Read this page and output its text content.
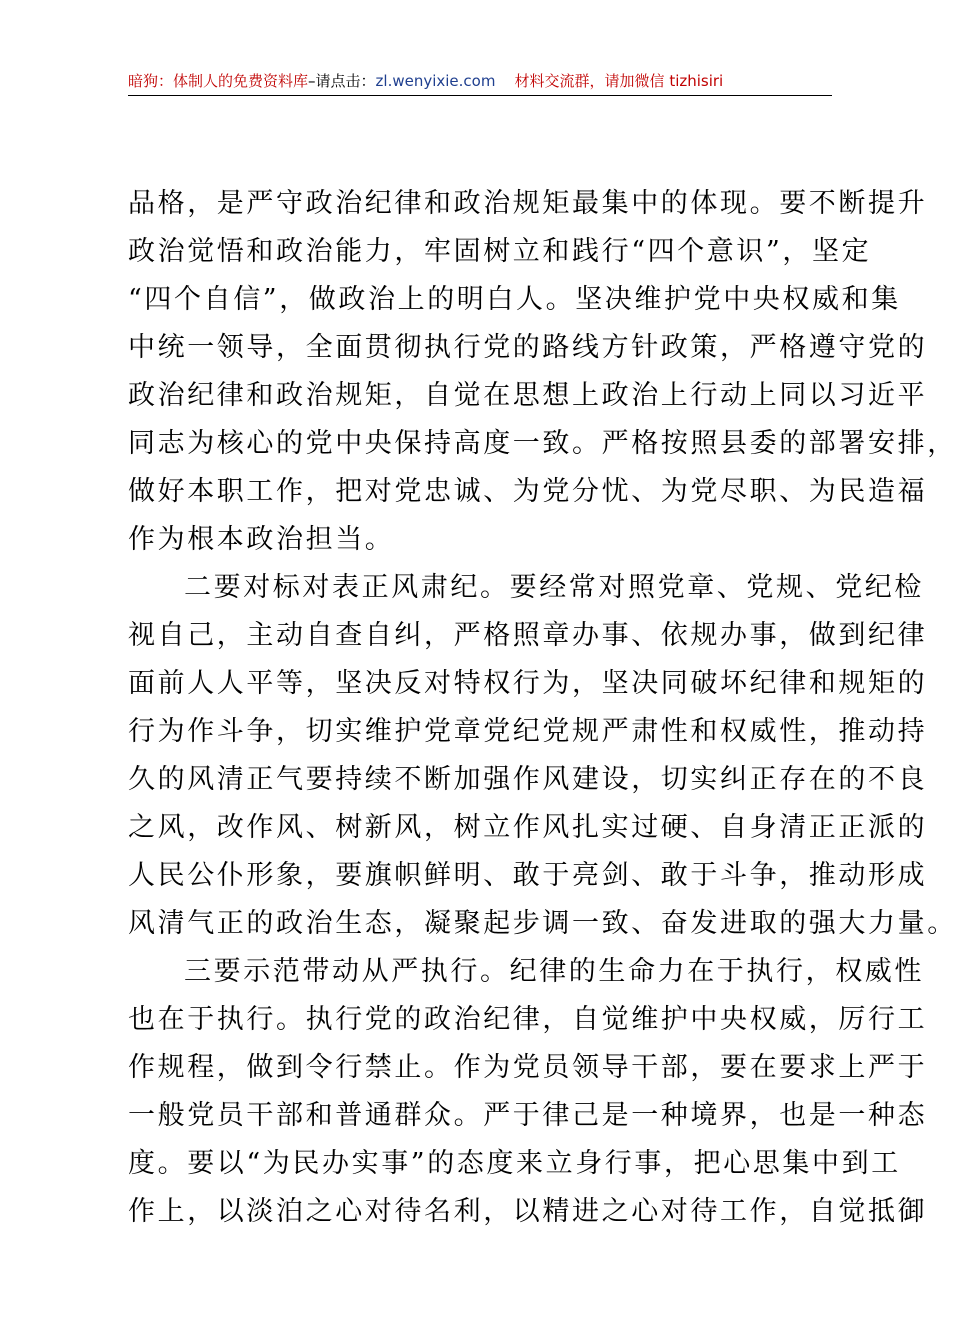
暗狗：体制人的免费资料库–请点击：zl.wenyixie.com 材料交流群，请加微信 tizhisiri
品格，是严守政治纪律和政治规矩最集中的体现。要不断提升
政治觉悟和政治能力，牢固树立和践行“四个意识”，坚定
“四个自信”，做政治上的明白人。坚决维护党中央权威和集
中统一领导，全面贯彻执行党的路线方针政策，严格遵守党的
政治纪律和政治规矩，自觉在思想上政治上行动上同以习近平
同志为核心的党中央保持高度一致。严格按照县委的部署安排，
做好本职工作，把对党忠诚、为党分忧、为党尽职、为民造福
作为根本政治担当。
二要对标对表正风肃纪。要经常对照党章、党规、党纪检
视自己，主动自查自纠，严格照章办事、依规办事，做到纪律
面前人人平等，坚决反对特权行为，坚决同破坏纪律和规矩的
行为作斗争，切实维护党章党纪党规严肃性和权威性，推动持
久的风清正气要持续不断加强作风建设，切实纠正存在的不良
之风，改作风、树新风，树立作风扎实过硬、自身清正正派的
人民公仆形象，要旗帜鲜明、敢于亮剑、敢于斗争，推动形成
风清气正的政治生态，凝聚起步调一致、奋发进取的强大力量。
三要示范带动从严执行。纪律的生命力在于执行，权威性
也在于执行。执行党的政治纪律，自觉维护中央权威，厉行工
作规程，做到令行禁止。作为党员领导干部，要在要求上严于
一般党员干部和普通群众。严于律己是一种境界，也是一种态
度。要以“为民办实事”的态度来立身行事，把心思集中到工
作上，以淡泊之心对待名利，以精进之心对待工作，自觉抵御
